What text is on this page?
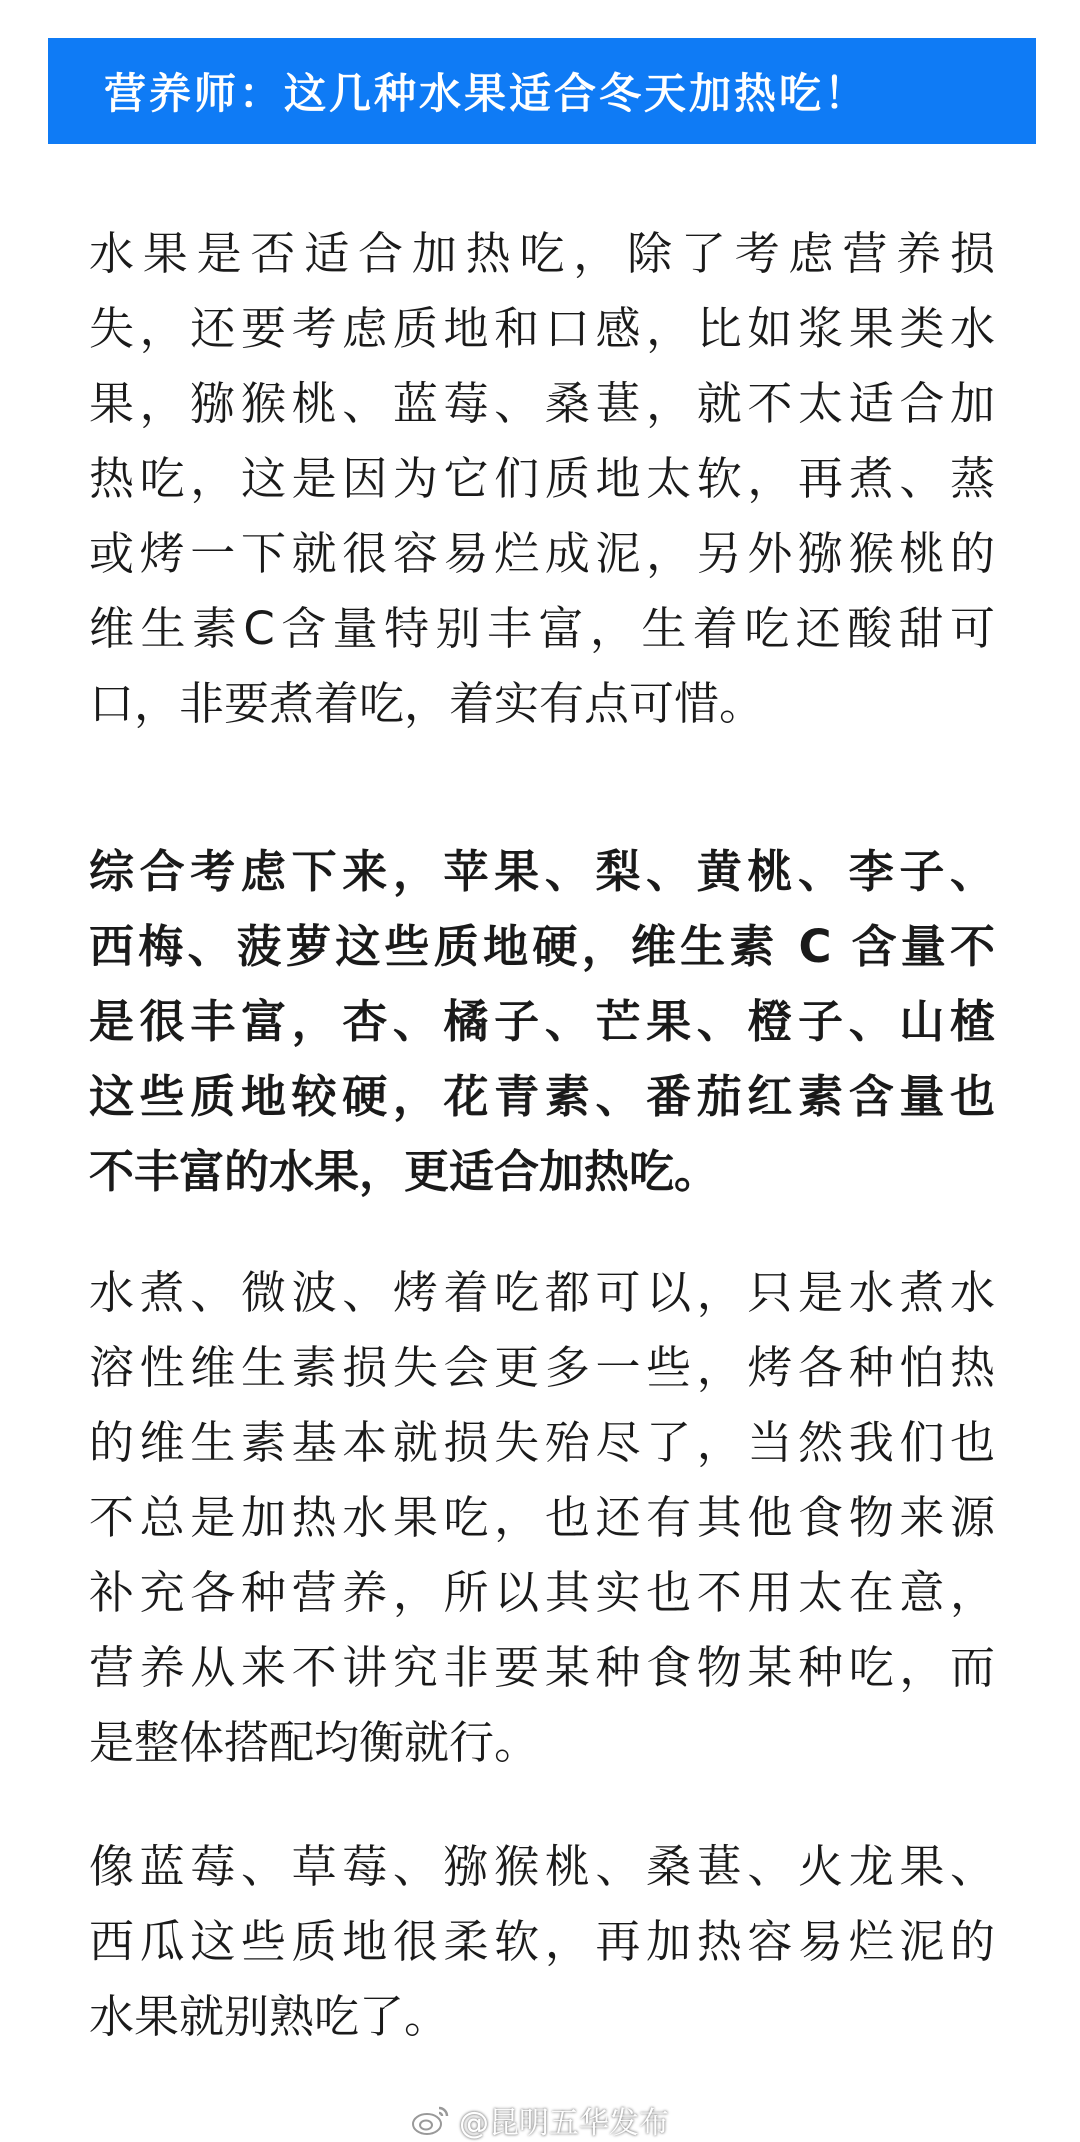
营养师：这几种水果适合冬天加热吃！
水果是否适合加热吃，除了考虑营养损
失，还要考虑质地和口感，比如浆果类水
果，猕猴桃、蓝莓、桑葚，就不太适合加
热吃，这是因为它们质地太软，再煮、蒸
或烤一下就很容易烂成泥，另外猕猴桃的
维生素C含量特别丰富，生着吃还酸甜可
口，非要煮着吃，着实有点可惜。
综合考虑下来，苹果、梨、黄桃、李子、
西梅、菠萝这些质地硬，维生素 C 含量不
是很丰富，杏、橘子、芒果、橙子、山楂
这些质地较硬，花青素、番茄红素含量也
不丰富的水果，更适合加热吃。
水煮、微波、烤着吃都可以，只是水煮水
溶性维生素损失会更多一些，烤各种怕热
的维生素基本就损失殆尽了，当然我们也
不总是加热水果吃，也还有其他食物来源
补充各种营养，所以其实也不用太在意，
营养从来不讲究非要某种食物某种吃，而
是整体搭配均衡就行。
像蓝莓、草莓、猕猴桃、桑葚、火龙果、
西瓜这些质地很柔软，再加热容易烂泥的
水果就别熟吃了。
@昆明五华发布
